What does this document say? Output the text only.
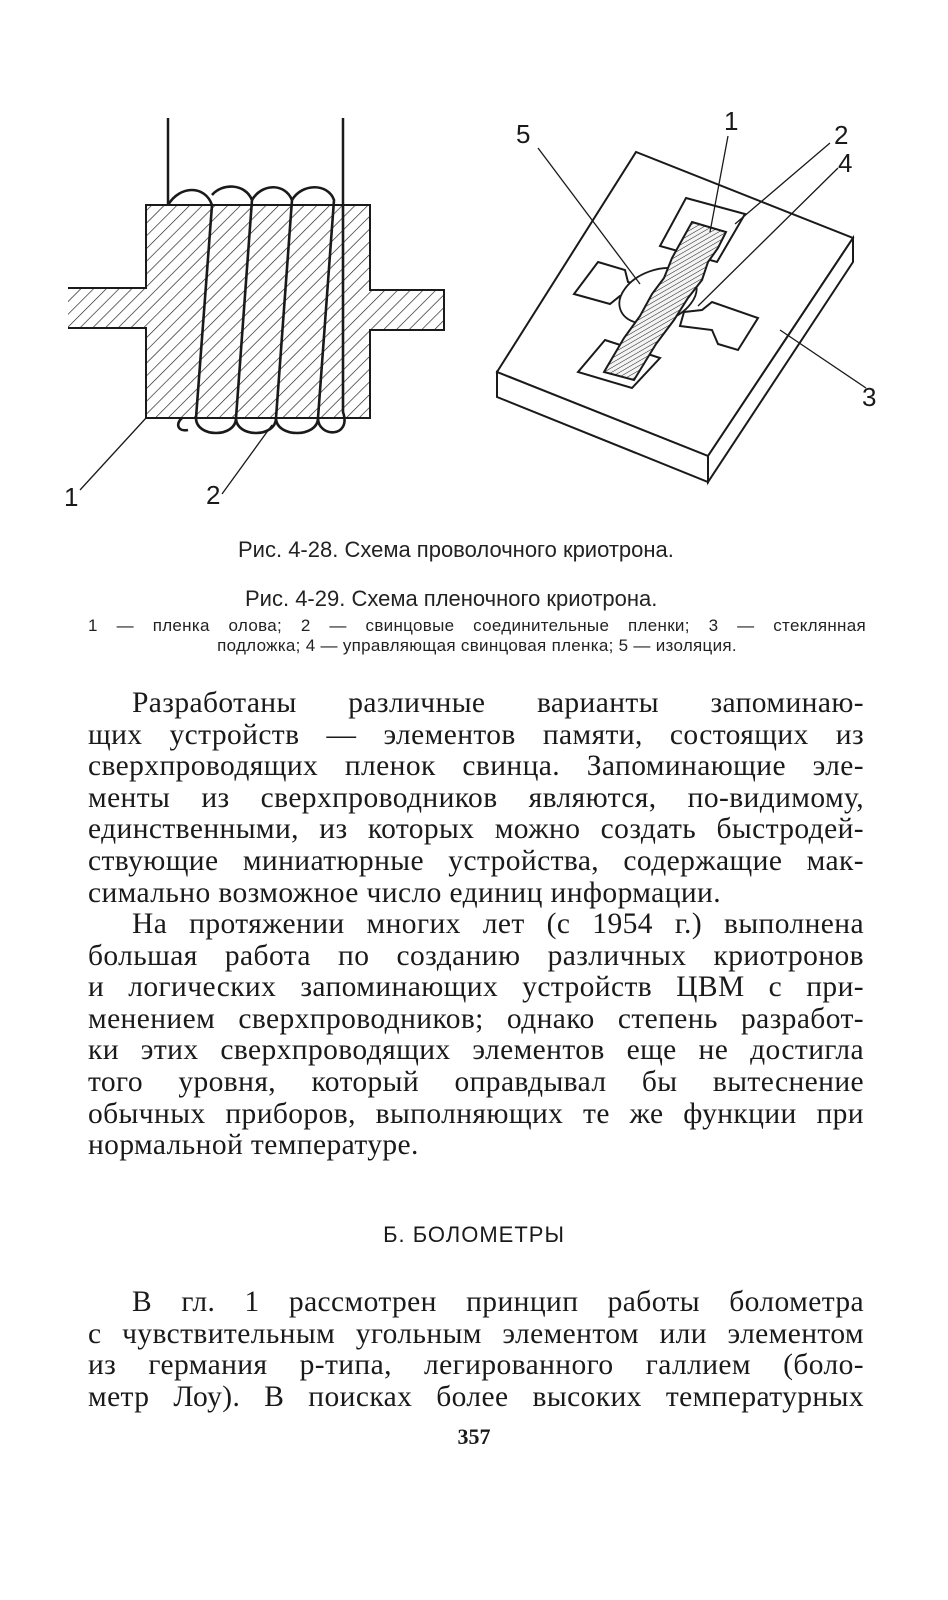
1	2
5	1	2
4
3
Рис. 4-28. Схема проволочного криотрона.
Рис. 4-29. Схема пленочного криотрона.
1 — пленка олова; 2 — свинцовые соединительные пленки; 3 — стеклянная
подложка; 4 — управляющая свинцовая пленка; 5 — изоляция.
Разработаны различные варианты запоминаю-
щих устройств — элементов памяти, состоящих из
сверхпроводящих пленок свинца. Запоминающие эле-
менты из сверхпроводников являются, по-видимому,
единственными, из которых можно создать быстродей-
ствующие миниатюрные устройства, содержащие мак-
симально возможное число единиц информации.
На протяжении многих лет (с 1954 г.) выполнена
большая работа по созданию различных криотронов
и логических запоминающих устройств ЦВМ с при-
менением сверхпроводников; однако степень разработ-
ки этих сверхпроводящих элементов еще не достигла
того уровня, который оправдывал бы вытеснение
обычных приборов, выполняющих те же функции при
нормальной температуре.
Б. БОЛОМЕТРЫ
В гл. 1 рассмотрен принцип работы болометра
с чувствительным угольным элементом или элементом
из германия p-типа, легированного галлием (боло-
метр Лоу). В поисках более высоких температурных
357
